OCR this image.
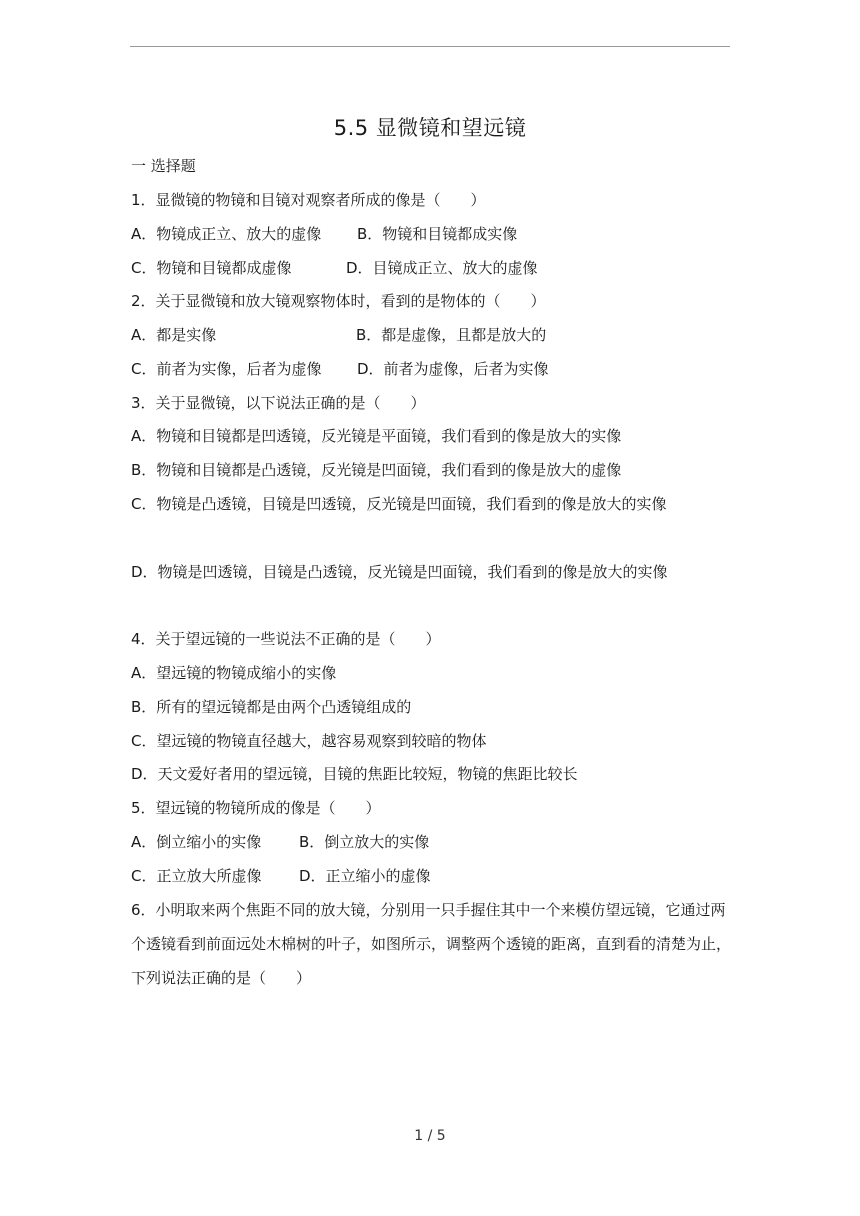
5.5 显微镜和望远镜
一 选择题
1．显微镜的物镜和目镜对观察者所成的像是（　　）
A．物镜成正立、放大的虚像 B．物镜和目镜都成实像
C．物镜和目镜都成虚像	D．目镜成正立、放大的虚像
2．关于显微镜和放大镜观察物体时，看到的是物体的（　　）
A．都是实像	B．都是虚像，且都是放大的
C．前者为实像，后者为虚像 D．前者为虚像，后者为实像
3．关于显微镜，以下说法正确的是（　　）
A．物镜和目镜都是凹透镜，反光镜是平面镜，我们看到的像是放大的实像
B．物镜和目镜都是凸透镜，反光镜是凹面镜，我们看到的像是放大的虚像
C．物镜是凸透镜，目镜是凹透镜，反光镜是凹面镜，我们看到的像是放大的实像
D．物镜是凹透镜，目镜是凸透镜，反光镜是凹面镜，我们看到的像是放大的实像
4．关于望远镜的一些说法不正确的是（　　）
A．望远镜的物镜成缩小的实像
B．所有的望远镜都是由两个凸透镜组成的
C．望远镜的物镜直径越大，越容易观察到较暗的物体
D．天文爱好者用的望远镜，目镜的焦距比较短，物镜的焦距比较长
5．望远镜的物镜所成的像是（　　）
A．倒立缩小的实像	B．倒立放大的实像
C．正立放大所虚像	D．正立缩小的虚像
6．小明取来两个焦距不同的放大镜，分别用一只手握住其中一个来模仿望远镜，它通过两个透镜看到前面远处木棉树的叶子，如图所示，调整两个透镜的距离，直到看的清楚为止，下列说法正确的是（　　）
1 / 5
